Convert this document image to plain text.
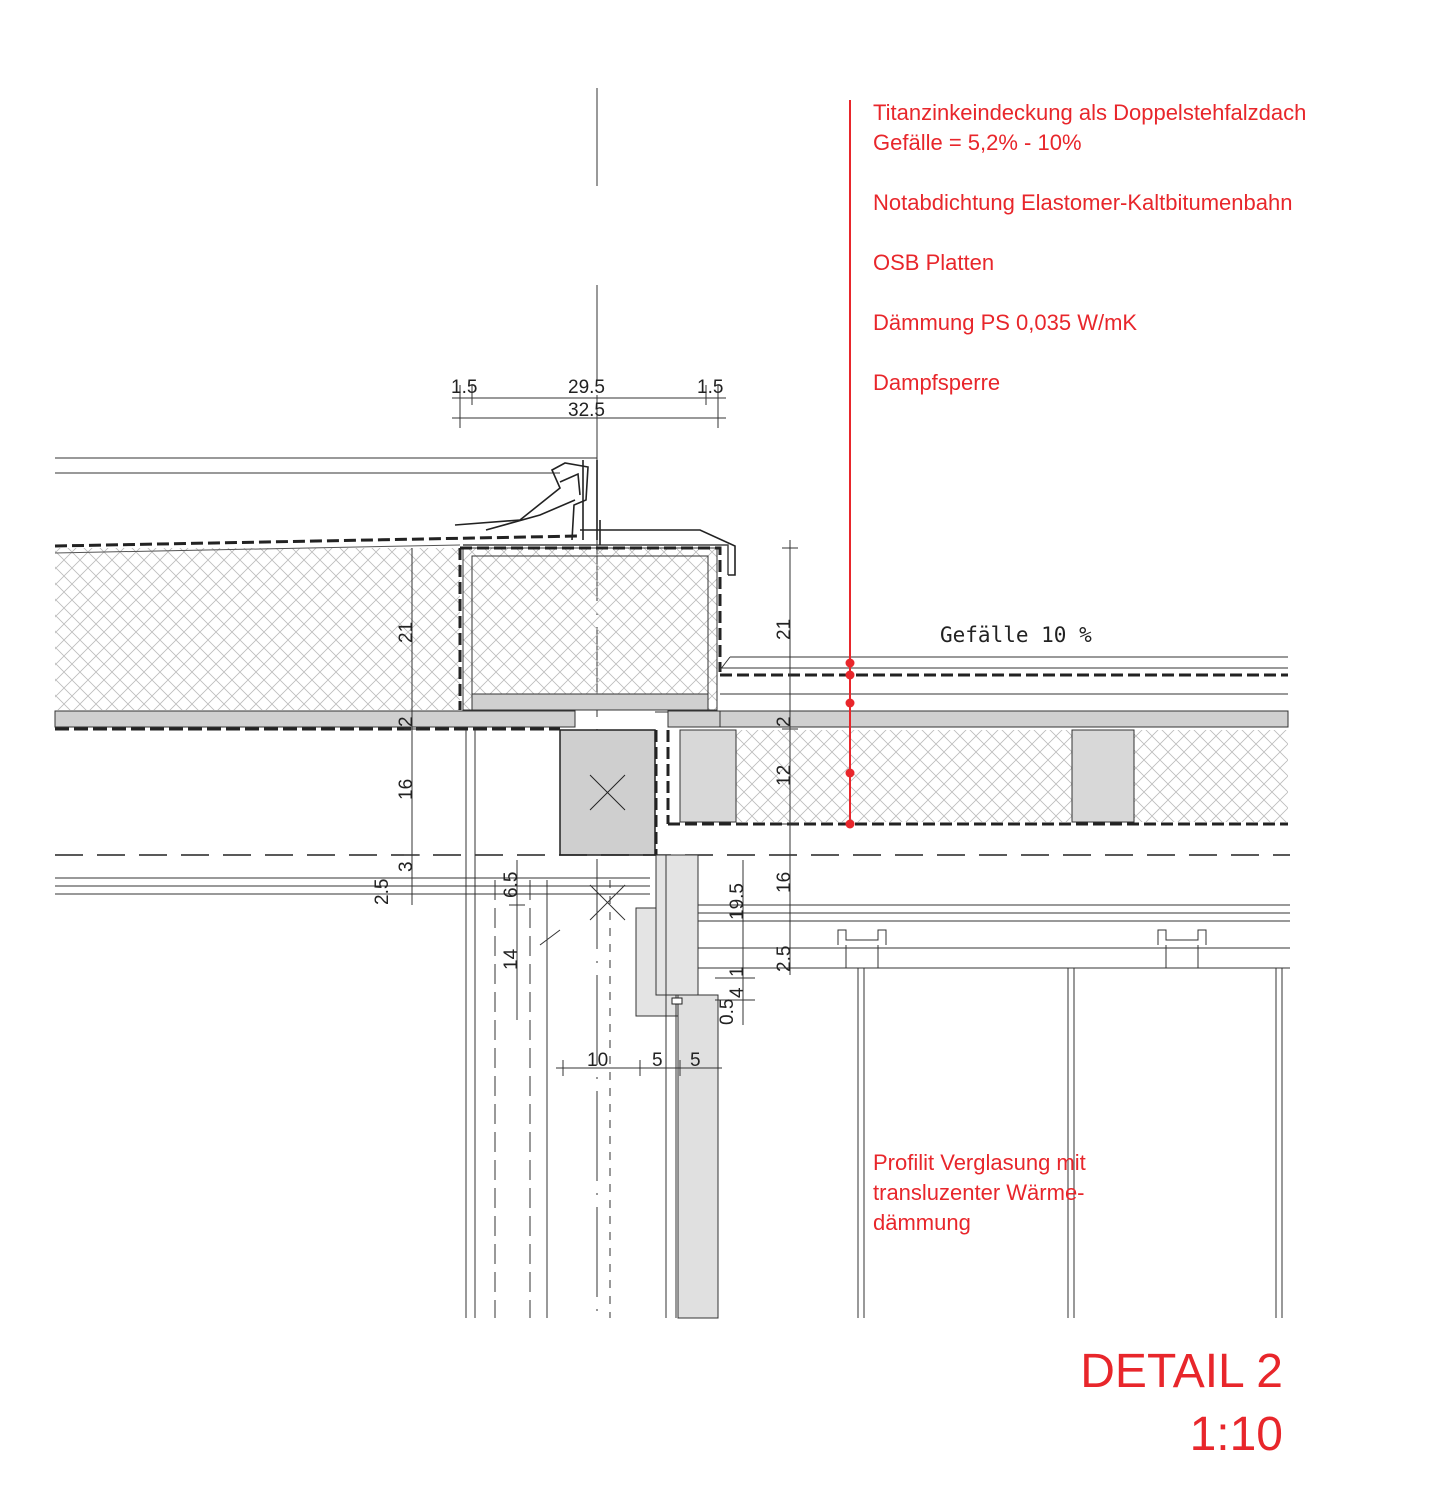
1.5	29.5	1.5
32.5
21
2
16
3
2.5	6.5
14
21
2
12
16
2.5
19.5
1
4
0.5
10 5 5
Gefälle 10 %
Titanzinkeindeckung als Doppelstehfalzdach
Gefälle = 5,2% - 10%
Notabdichtung Elastomer-Kaltbitumenbahn
OSB Platten
Dämmung PS 0,035 W/mK
Dampfsperre
Profilit Verglasung mit
transluzenter Wärme-
dämmung
DETAIL 2
1:10
